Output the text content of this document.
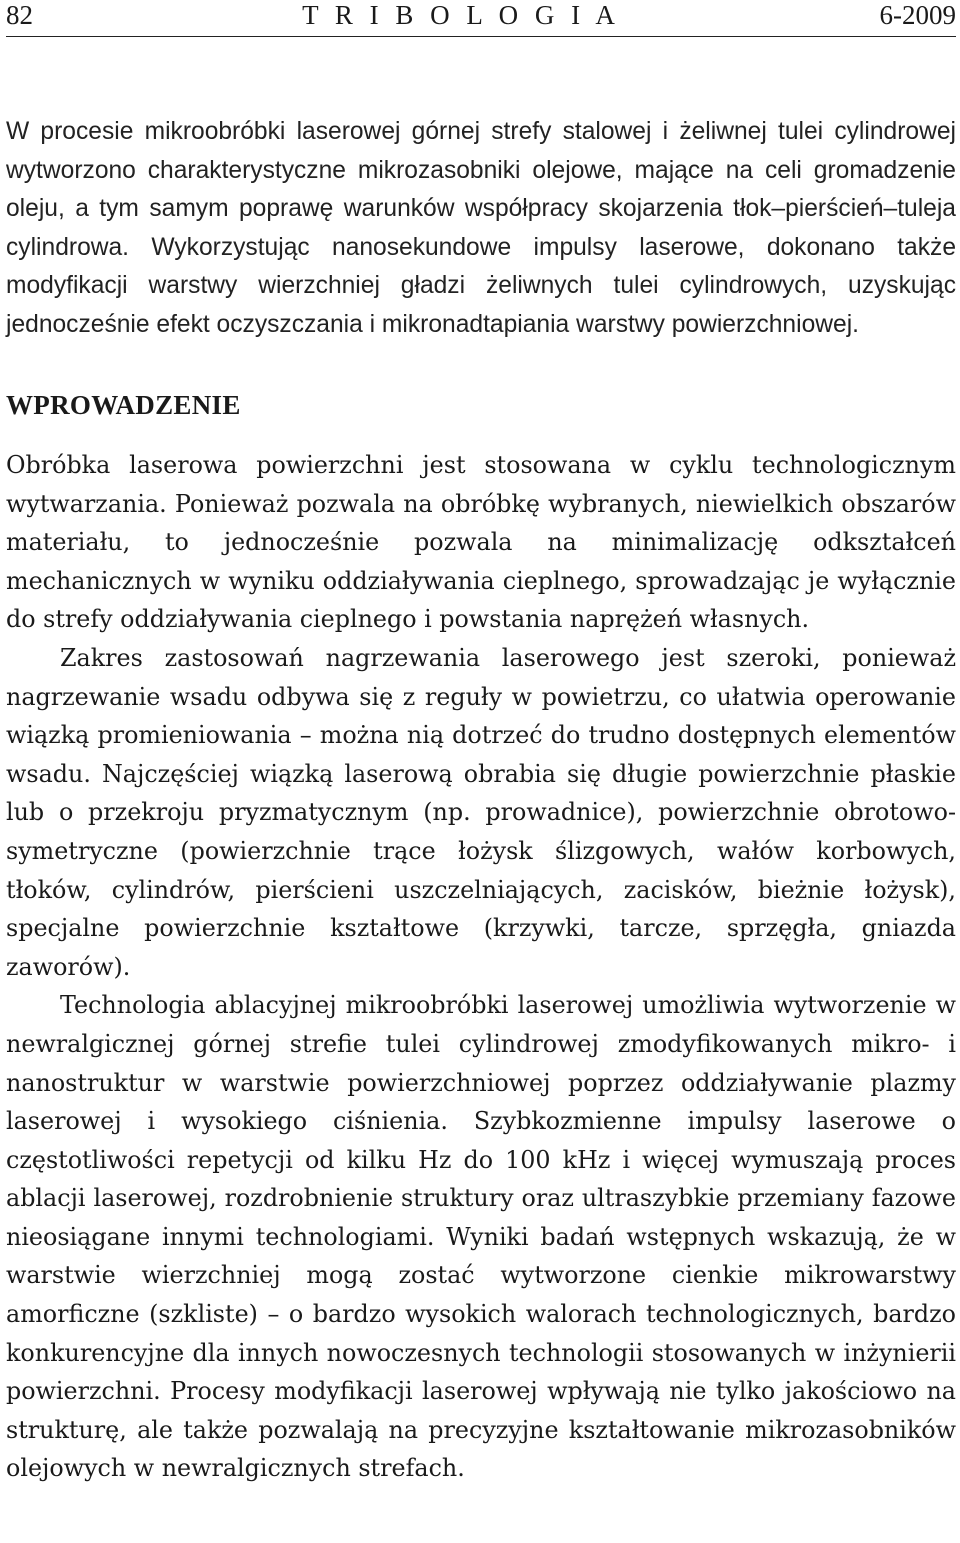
82	T R I B O L O G I A	6-2009

W procesie mikroobróbki laserowej górnej strefy stalowej i żeliwnej tulei cylindrowej wytworzono charakterystyczne mikrozasobniki olejowe, mające na celi gromadzenie oleju, a tym samym poprawę warunków współpracy skojarzenia tłok–pierścień–tuleja cylindrowa. Wykorzystując nanosekundowe impulsy laserowe, dokonano także modyfikacji warstwy wierzchniej gładzi żeliwnych tulei cylindrowych, uzyskując jednocześnie efekt oczyszczania i mikronadtapiania warstwy powierzchniowej.

WPROWADZENIE

Obróbka laserowa powierzchni jest stosowana w cyklu technologicznym wytwarzania. Ponieważ pozwala na obróbkę wybranych, niewielkich obszarów materiału, to jednocześnie pozwala na minimalizację odkształceń mechanicznych w wyniku oddziaływania cieplnego, sprowadzając je wyłącznie do strefy oddziaływania cieplnego i powstania naprężeń własnych.

Zakres zastosowań nagrzewania laserowego jest szeroki, ponieważ nagrzewanie wsadu odbywa się z reguły w powietrzu, co ułatwia operowanie wiązką promieniowania – można nią dotrzeć do trudno dostępnych elementów wsadu. Najczęściej wiązką laserową obrabia się długie powierzchnie płaskie lub o przekroju pryzmatycznym (np. prowadnice), powierzchnie obrotowo-symetryczne (powierzchnie trące łożysk ślizgowych, wałów korbowych, tłoków, cylindrów, pierścieni uszczelniających, zacisków, bieżnie łożysk), specjalne powierzchnie kształtowe (krzywki, tarcze, sprzęgła, gniazda zaworów).

Technologia ablacyjnej mikroobróbki laserowej umożliwia wytworzenie w newralgicznej górnej strefie tulei cylindrowej zmodyfikowanych mikro- i nanostruktur w warstwie powierzchniowej poprzez oddziaływanie plazmy laserowej i wysokiego ciśnienia. Szybkozmienne impulsy laserowe o częstotliwości repetycji od kilku Hz do 100 kHz i więcej wymuszają proces ablacji laserowej, rozdrobnienie struktury oraz ultraszybkie przemiany fazowe nieosiągane innymi technologiami. Wyniki badań wstępnych wskazują, że w warstwie wierzchniej mogą zostać wytworzone cienkie mikrowarstwy amorficzne (szkliste) – o bardzo wysokich walorach technologicznych, bardzo konkurencyjne dla innych nowoczesnych technologii stosowanych w inżynierii powierzchni. Procesy modyfikacji laserowej wpływają nie tylko jakościowo na strukturę, ale także pozwalają na precyzyjne kształtowanie mikrozasobników olejowych w newralgicznych strefach.
